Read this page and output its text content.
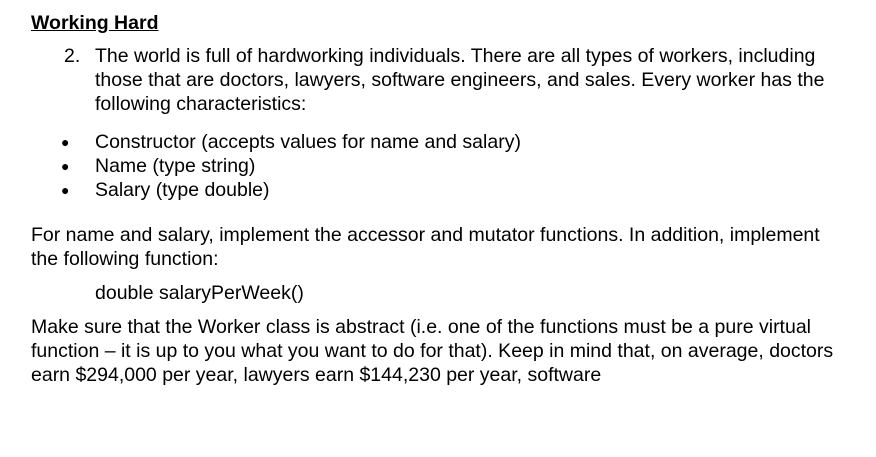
Working Hard
2. The world is full of hardworking individuals. There are all types of workers, including those that are doctors, lawyers, software engineers, and sales. Every worker has the following characteristics:
●	Constructor (accepts values for name and salary)
●	Name (type string)
●	Salary (type double)

For name and salary, implement the accessor and mutator functions. In addition, implement the following function:

double salaryPerWeek()

Make sure that the Worker class is abstract (i.e. one of the functions must be a pure virtual function – it is up to you what you want to do for that). Keep in mind that, on average, doctors earn $294,000 per year, lawyers earn $144,230 per year, software
